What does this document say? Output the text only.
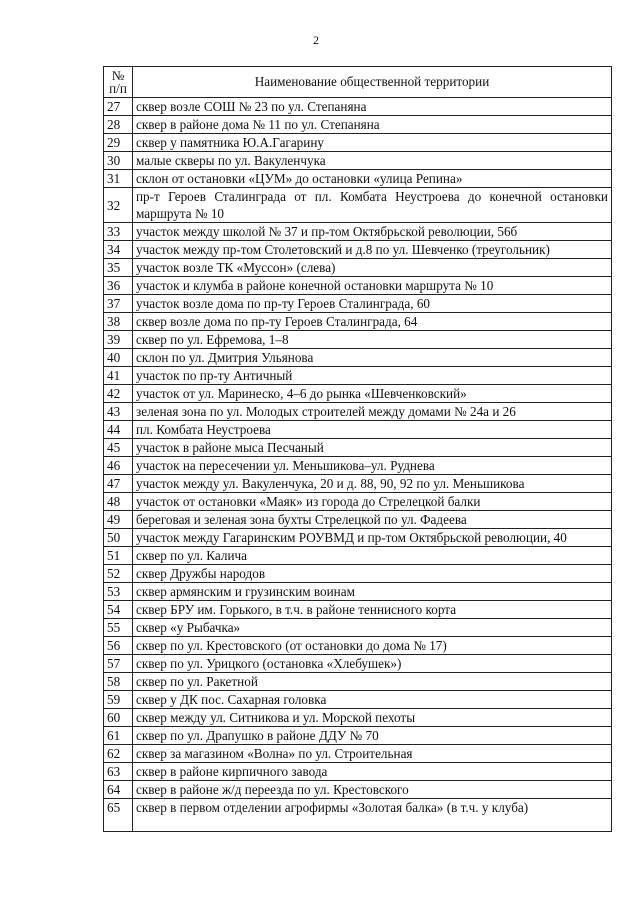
2
№
п/п	Наименование общественной территории
27	сквер возле СОШ № 23 по ул. Степаняна
28	сквер в районе дома № 11 по ул. Степаняна
29	сквер у памятника Ю.А.Гагарину
30	малые скверы по ул. Вакуленчука
31	склон от остановки «ЦУМ» до остановки «улица Репина»
32	пр-т Героев Сталинграда от пл. Комбата Неустроева до конечной остановки маршрута № 10
33	участок между школой № 37 и пр-том Октябрьской революции, 56б
34	участок между пр-том Столетовский и д.8 по ул. Шевченко (треугольник)
35	участок возле ТК «Муссон» (слева)
36	участок и клумба в районе конечной остановки маршрута № 10
37	участок возле дома по пр-ту Героев Сталинграда, 60
38	сквер возле дома по пр-ту Героев Сталинграда, 64
39	сквер по ул. Ефремова, 1–8
40	склон по ул. Дмитрия Ульянова
41	участок по пр-ту Античный
42	участок от ул. Маринеско, 4–6 до рынка «Шевченковский»
43	зеленая зона по ул. Молодых строителей между домами № 24а и 26
44	пл. Комбата Неустроева
45	участок в районе мыса Песчаный
46	участок на пересечении ул. Меньшикова–ул. Руднева
47	участок между ул. Вакуленчука, 20 и д. 88, 90, 92 по ул. Меньшикова
48	участок от остановки «Маяк» из города до Стрелецкой балки
49	береговая и зеленая зона бухты Стрелецкой по ул. Фадеева
50	участок между Гагаринским РОУВМД и пр-том Октябрьской революции, 40
51	сквер по ул. Калича
52	сквер Дружбы народов
53	сквер армянским и грузинским воинам
54	сквер БРУ им. Горького, в т.ч. в районе теннисного корта
55	сквер «у Рыбачка»
56	сквер по ул. Крестовского (от остановки до дома № 17)
57	сквер по ул. Урицкого (остановка «Хлебушек»)
58	сквер по ул. Ракетной
59	сквер у ДК пос. Сахарная головка
60	сквер между ул. Ситникова и ул. Морской пехоты
61	сквер по ул. Драпушко в районе ДДУ № 70
62	сквер за магазином «Волна» по ул. Строительная
63	сквер в районе кирпичного завода
64	сквер в районе ж/д переезда по ул. Крестовского
65	сквер в первом отделении агрофирмы «Золотая балка» (в т.ч. у клуба)
